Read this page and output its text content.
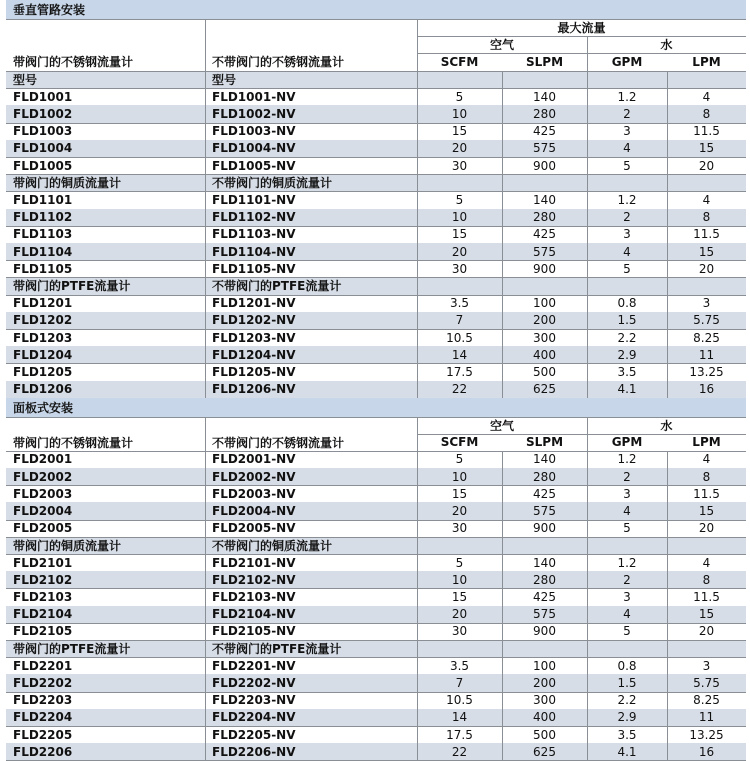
垂直管路安装
最大流量
空气	水
SCFM	SLPM	GPM	LPM
带阀门的不锈钢流量计	不带阀门的不锈钢流量计
型号	型号
FLD1001	FLD1001-NV	5	140	1.2	4
FLD1002	FLD1002-NV	10	280	2	8
FLD1003	FLD1003-NV	15	425	3	11.5
FLD1004	FLD1004-NV	20	575	4	15
FLD1005	FLD1005-NV	30	900	5	20
带阀门的铜质流量计	不带阀门的铜质流量计
FLD1101	FLD1101-NV	5	140	1.2	4
FLD1102	FLD1102-NV	10	280	2	8
FLD1103	FLD1103-NV	15	425	3	11.5
FLD1104	FLD1104-NV	20	575	4	15
FLD1105	FLD1105-NV	30	900	5	20
带阀门的PTFE流量计	不带阀门的PTFE流量计
FLD1201	FLD1201-NV	3.5	100	0.8	3
FLD1202	FLD1202-NV	7	200	1.5	5.75
FLD1203	FLD1203-NV	10.5	300	2.2	8.25
FLD1204	FLD1204-NV	14	400	2.9	11
FLD1205	FLD1205-NV	17.5	500	3.5	13.25
FLD1206	FLD1206-NV	22	625	4.1	16
面板式安装
空气	水
SCFM	SLPM	GPM	LPM
带阀门的不锈钢流量计	不带阀门的不锈钢流量计
FLD2001	FLD2001-NV	5	140	1.2	4
FLD2002	FLD2002-NV	10	280	2	8
FLD2003	FLD2003-NV	15	425	3	11.5
FLD2004	FLD2004-NV	20	575	4	15
FLD2005	FLD2005-NV	30	900	5	20
带阀门的铜质流量计	不带阀门的铜质流量计
FLD2101	FLD2101-NV	5	140	1.2	4
FLD2102	FLD2102-NV	10	280	2	8
FLD2103	FLD2103-NV	15	425	3	11.5
FLD2104	FLD2104-NV	20	575	4	15
FLD2105	FLD2105-NV	30	900	5	20
带阀门的PTFE流量计	不带阀门的PTFE流量计
FLD2201	FLD2201-NV	3.5	100	0.8	3
FLD2202	FLD2202-NV	7	200	1.5	5.75
FLD2203	FLD2203-NV	10.5	300	2.2	8.25
FLD2204	FLD2204-NV	14	400	2.9	11
FLD2205	FLD2205-NV	17.5	500	3.5	13.25
FLD2206	FLD2206-NV	22	625	4.1	16
